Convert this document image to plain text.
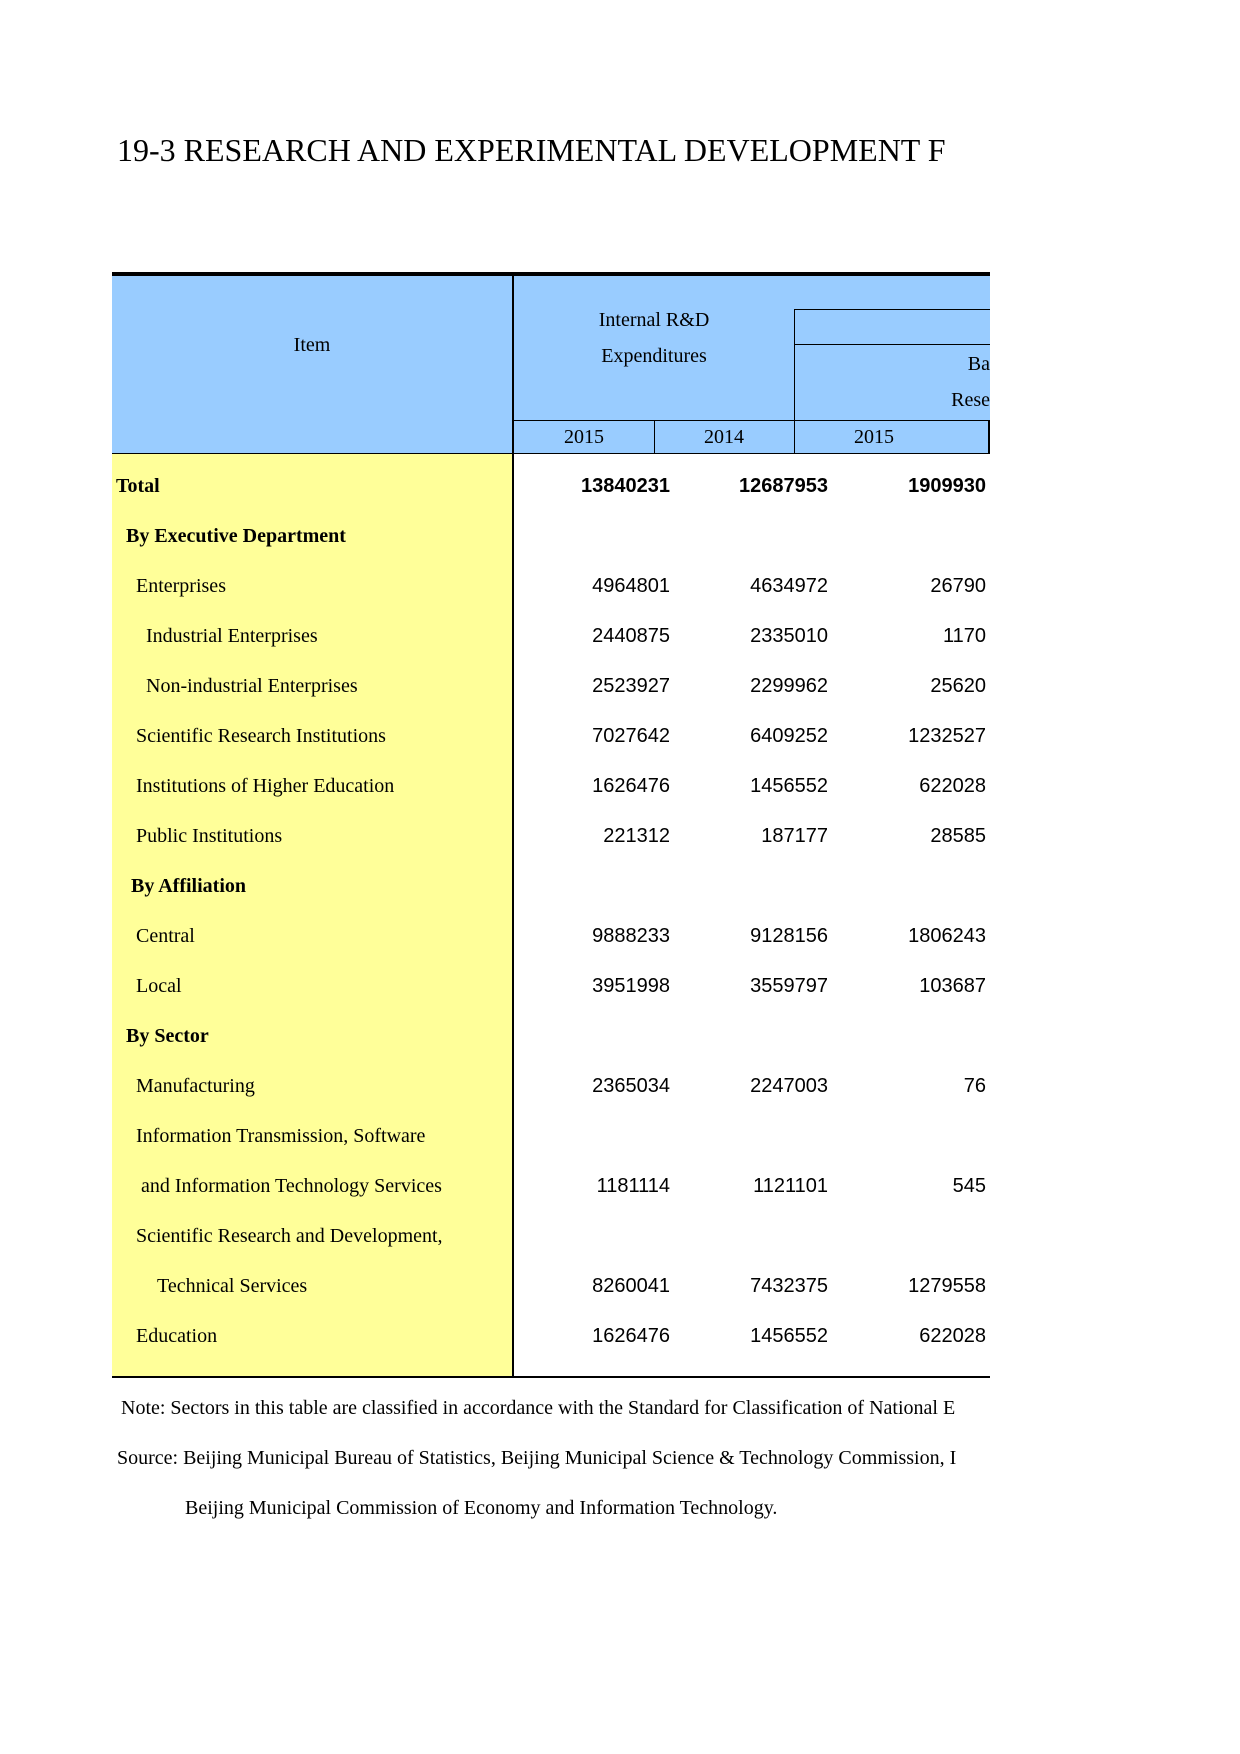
19-3 RESEARCH AND EXPERIMENTAL DEVELOPMENT F
Item
Internal R&D
Expenditures	Ba
Rese
2015	2014	2015
Total	13840231	12687953	1909930
By Executive Department
Enterprises	4964801	4634972	26790
Industrial Enterprises	2440875	2335010	1170
Non-industrial Enterprises	2523927	2299962	25620
Scientific Research Institutions	7027642	6409252	1232527
Institutions of Higher Education	1626476	1456552	622028
Public Institutions	221312	187177	28585
By Affiliation
Central	9888233	9128156	1806243
Local	3951998	3559797	103687
By Sector
Manufacturing	2365034	2247003	76
Information Transmission, Software
and Information Technology Services	1181114	1121101	545
Scientific Research and Development,
Technical Services	8260041	7432375	1279558
Education	1626476	1456552	622028
Note: Sectors in this table are classified in accordance with the Standard for Classification of National E
Source: Beijing Municipal Bureau of Statistics, Beijing Municipal Science & Technology Commission, I
Beijing Municipal Commission of Economy and Information Technology.
